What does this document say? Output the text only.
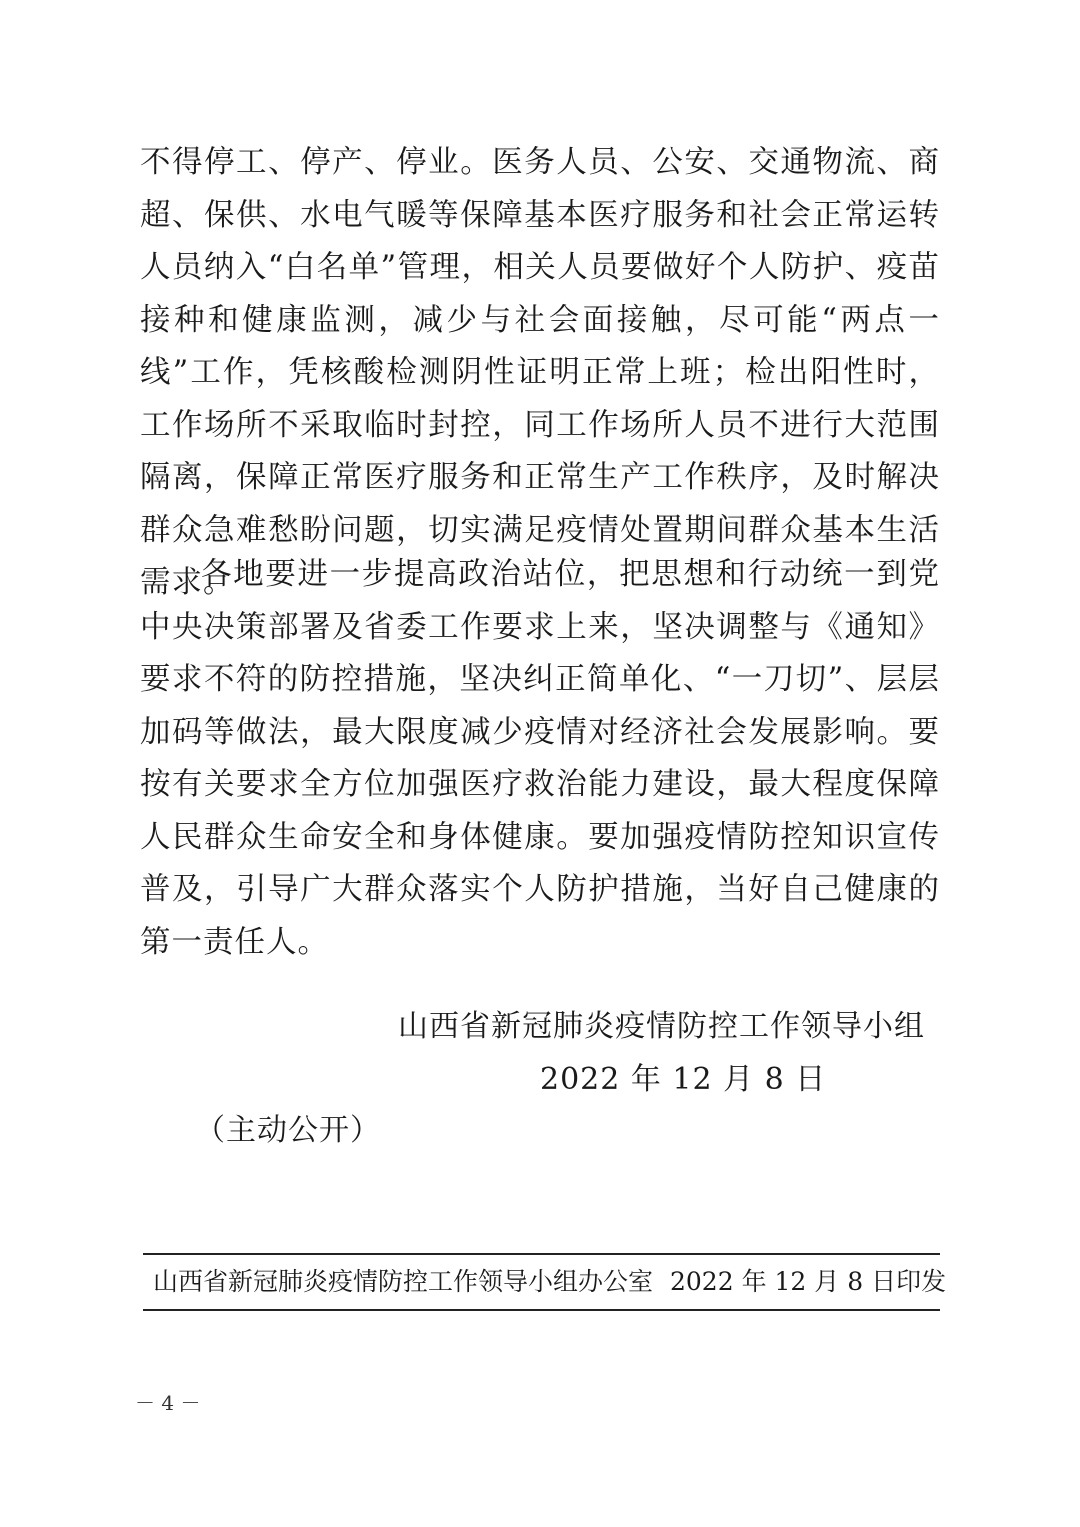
不得停工、停产、停业。医务人员、公安、交通物流、商超、保供、水电气暖等保障基本医疗服务和社会正常运转人员纳入“白名单”管理，相关人员要做好个人防护、疫苗接种和健康监测，减少与社会面接触，尽可能“两点一线”工作，凭核酸检测阴性证明正常上班；检出阳性时，工作场所不采取临时封控，同工作场所人员不进行大范围隔离，保障正常医疗服务和正常生产工作秩序，及时解决群众急难愁盼问题，切实满足疫情处置期间群众基本生活需求。

各地要进一步提高政治站位，把思想和行动统一到党中央决策部署及省委工作要求上来，坚决调整与《通知》要求不符的防控措施，坚决纠正简单化、“一刀切”、层层加码等做法，最大限度减少疫情对经济社会发展影响。要按有关要求全方位加强医疗救治能力建设，最大程度保障人民群众生命安全和身体健康。要加强疫情防控知识宣传普及，引导广大群众落实个人防护措施，当好自己健康的第一责任人。

山西省新冠肺炎疫情防控工作领导小组
2022 年 12 月 8 日
（主动公开）
山西省新冠肺炎疫情防控工作领导小组办公室 2022 年 12 月 8 日印发
－ 4 －
